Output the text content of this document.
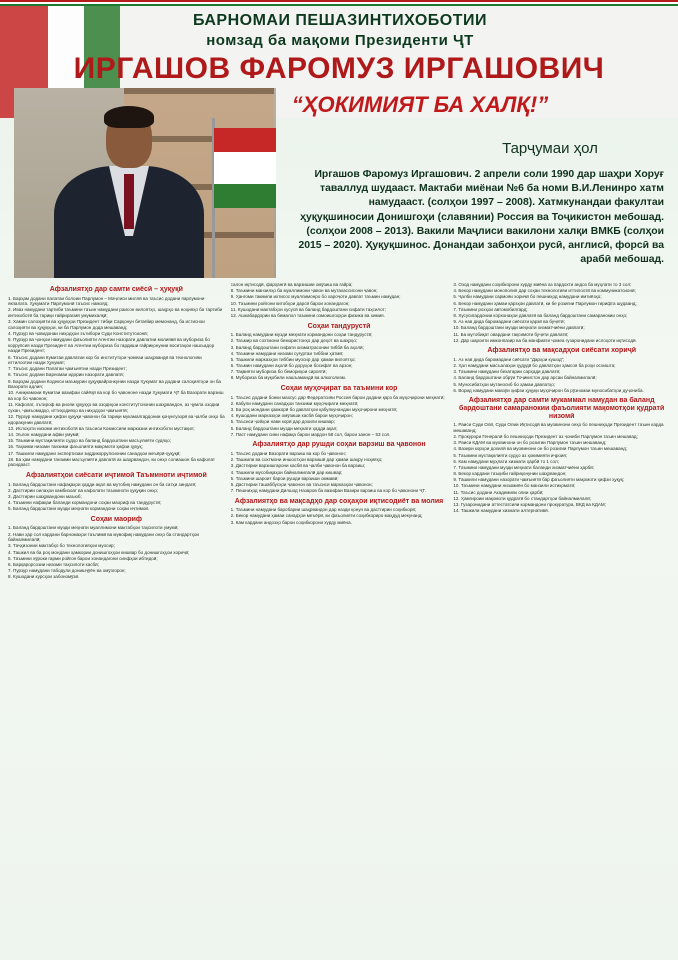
БАРНОМАИ ПЕШАЗИНТИХОБОТИИ
номзад ба мақоми Президенти ҶТ
ИРГАШОВ ФАРОМУЗ ИРГАШОВИЧ
“ҲОКИМИЯТ БА ХАЛҚ!”
Тарҷумаи ҳол
Иргашов Фаромуз Иргашович. 2 апрели соли 1990 дар шаҳри Хоруғ таваллуд шудааст. Мактаби миёнаи №6 ба номи В.И.Ленинро хатм намудааст. (солҳои 1997 – 2008). Хатмкунандаи факултаи ҳуқуқшиносии Донишгоҳи (славянии) Россия ва Тоҷикистон мебошад. (солҳои 2008 – 2013). Вакили Маҷлиси вакилони халқи ВМКБ (солҳои 2015 – 2020). Ҳуқуқшинос. Донандаи забонҳои русӣ, англисӣ, форсӣ ва арабӣ мебошад.
Афзалиятҳо дар самти сиёсӣ – ҳуқуқӣ

1. Барҳам додани палатаи болоии Парлумон – Маҷлиси миллӣ ва таъсис додани парлумони якпалата. Ҳукумати Парлумонӣ таъсис намояд;

2. Иваз намудани тартиби таъмини таъин намудани раисон вилоятҳо, шаҳрҳо ва ноҳияҳо ба тартиби интихоботӣ ба тариқи ғайрирасмӣ умумихалқӣ;

3. Хамин салоҳияти ва ҳуқуқҳои Президент тибқи Сарқонун бетағйир мемонанд, ба истиснои салоҳияти ва ҳуқуқҳои, ки ба Парлумон дода мешаванд;

4. Пурзур ва ҷовидонаи ниҳодҳои эътибори Суди Конститутсионӣ;

5. Пурзур ва ҷонҳои намудани фаъолияти Агентии назорати давлатии молиявӣ ва мубориза бо коррупсия назди Президент ва Агентии мубориза бо гардиши ғайриқонунии воситаҳои нашъадор назди Президент;

6. Таъсис додани Кумитаи давлатии кор бо институтҳои ҷомеаи шаҳрвандӣ ва технологияи иттилоотии назди Ҳукумат;

7. Таъсис додани Палатаи ҷамъиятии назди Президент;

8. Таъсис додани Барномаи идории назорати давлатӣ;

9. Барҳам додани Кодекси маъмурии ҳуқуқвайронкунии назди Ҳукумат ва додани салоҳиятҳои он ба Вазорати адлия;

10. Аниқнамоии Кумитаи вазифаи сайёҳӣ ва кор бо ҷавононе назди Ҳукумати ҶТ ба Вазорати варзиш ва кор бо ҷавонон;

11. Кафолат, эътироф ва риояи ҳуқуқҳо ва озодиҳои конститутсионии шаҳрвандон, аз ҷумла озодии сухан, ҷамъомадҳо, иттиҳодияҳо ва ниҳодҳои ҷамъиятӣ;

12. Пурзур намудани ҳифзи ҳуқуқи ҷавонон ба тариқи мукамалгардонии қонунгузорӣ ва ҷалби онҳо ба идоракунии давлатӣ;

13. Ислоҳоти низоми интихоботӣ ва таъсиси Комиссияи марказии интихоботи мустақил;

14. Эълон намудани афви умумӣ;

15. Таъмини мустақилияти судҳо ва баланд бардоштани масъулияти судяҳо;

16. Таҳкими низоми танзими фаъолияти мақомоти ҳифзи ҳуқуқ;

17. Ташкили намудани экспертизаи зиддикоррупсионии санадҳои меъёрӣ-ҳуқуқӣ;

18. Ба ҳам намудани танзими масъулияти давлатӣ аз шаҳрвандон, ки онҳо солиашон ба кафолат расидааст.

Афзалиятҳои сиёсати иҷтимоӣ Таъминоти иҷтимоӣ

1. Баланд бардоштани нафақаҳои ҳадди ақал ва мутобиқ намудани он ба сатҳи зиндагӣ;

2. Дастгирии оилаҳои камбизоат ва кафолати таъминоти ҳуқуқии онҳо;

3. Дастгирии шаҳрвандони маъюб;

4. Таъмини нафақаи баланди кормандони соҳаи маориф ва тандурустӣ;

5. Баланд бардоштани музди меҳнати кормандони соҳаи иҷтимоӣ.

Соҳаи маориф

1. Баланд бардоштани музди меҳнати муаллимони мактабҳои таҳсилоти умумӣ;

2. Нави ҳар сол кардани барномаҳои таълимӣ ва мувофиқ намудани онҳо ба стандартҳои байналмилалӣ;

3. Таҷҳизонии мактабҳо бо технологияҳои муосир;

4. Ташкил ва ба роҳ мондани ҳамкории донишгоҳҳои кишвар бо донишгоҳҳои хориҷӣ;

5. Таъмини хӯроки гарми ройгон барои хонандагони синфҳои ибтидоӣ;

6. Барқарорсозии низоми таҳсилоти касбӣ;

7. Пурзур намудани табодули донишҷӯён ва омӯзгорон;

8. Кушодани курсҳои забономӯзӣ.

салон иқтисодӣ, фарҳангӣ ва варзишии омӯзиш ва ғайра;

8. Таъмини манзилҳо ба муаллимони ҷавон ва мутахассисони ҷавон;

9. Ҳангоми такмили ихтисос муаллимонро бо хароҷоти давлат таъмин намудан;

10. Таъмини ройгони китобҳои дарсӣ барои хонандагон;

11. Кушодани мактабҳои хусусӣ ва баланд бардоштани сифати таҳсилот;

12. Ашкабардории ва бемалол таъмини озмоишгоҳҳои физика ва химия.

Соҳаи тандурустӣ

1. Баланд намудани музди меҳнати кормандони соҳаи тандурустӣ;

2. Таъмир ва сохтмони бемористонҳо дар деҳот ва шаҳрҳо;

3. Баланд бардоштани сифати хизматрасонии тиббӣ ба аҳолӣ;

4. Таъмини намудани низоми суғуртаи тиббии ҳатмӣ;

5. Ташкили марказҳои тиббии муосир дар ҳамаи вилоятҳо;

6. Таъмин намудани аҳолӣ бо доруҳои босифат ва арзон;

7. Тақвияти мубориза бо бемориҳои сироятӣ;

8. Мубориза ба муқобили нашъамандӣ ва алкоголизм.

Соҳаи муҳоҷират ва таъмини кор

1. Таъсис додани бонки махсус дар Федератсияи Россия барои додани қарз ба муҳоҷирони меҳнатӣ;

2. Кабули намудани санадҳои танзими муҳоҷирати меҳнатӣ;

3. Ба роҳ мондани ҳамкорӣ бо давлатҳои қабулкунандаи муҳоҷирони меҳнатӣ;

4. Кушодани марказҳои омӯзиши касбӣ барои муҳоҷирон;

5. Таъсиси ҷойҳои нави корӣ дар дохили кишвар;

6. Баланд бардоштани музди меҳнати ҳадди ақал;

7. Паст намудани сини нафақа барои мардон 58 сол, барои занон – 53 сол.

Афзалиятҳо дар рушди соҳаи варзиш ва ҷавонон

1. Таъсис додани Вазорати варзиш ва кор бо ҷавонон;

2. Ташкили ва сохтмони иншоотҳои варзишӣ дар ҳамаи шаҳру ноҳияҳо;

3. Дастгирии варзишгарони касбӣ ва ҷалби ҷавонон ба варзиш;

4. Ташкили мусобиқаҳои байналмилалӣ дар кишвар;

5. Таъмини шароит барои рушди варзиши оммавӣ;

6. Дастгирии ташаббусҳои ҷавонон ва таъсиси марказҳои ҷавонон;

7. Пешниҳод намудани Дилшод Назаров ба вазифаи Вазири варзиш ва кор бо ҷавонони ҶТ.

Афзалиятҳо ва мақсадҳо дар соҳаҳои иқтисодиёт ва молия

1. Таъмини намудани баробарии шаҳрвандон дар назди қонун ва дастгирии соҳибкорӣ;

2. Бекор намудани ҳамаи санадҳои меъёрӣ, ки фаъолияти соҳибкориро маҳдуд мекунанд;

3. Кам кардани андозҳо барои соҳибкорони хурду миёна.

3. Озод намудани соҳибкорони хурду миёна аз пардохти андоз ба муҳлати то 3 сол;

4. Бекор намудани монополия дар соҳаи технологияи иттилоотӣ ва коммуникатсионӣ;

5. Ҷалби намудани сармояи хориҷӣ бо пешниҳод намудани имтиёзҳо;

6. Бекор намудани ҳамаи қарзҳои давлатӣ, ки бе розигии Парлумон гирифта шудаанд;

7. Таъмини рохҳои автомобилгард;

8. Хусусигардонии корхонаҳои давлатӣ ва баланд бардоштани самаранокии онҳо;

9. Аз нав дида баромадани сиёсати қарзӣ ва буҷетӣ;

10. Баланд бардоштани музди меҳнати хизматчиёни давлатӣ;

11. Ба мутобиқат овардани тақсимоти буҷети давлатӣ;

12. Дар шароити имконпазир ва ба манфиати ҷомеа гузаронидани ислоҳоти иқтисодӣ.

Афзалиятҳо ва мақсадҳои сиёсати хориҷӣ

1. Аз нав дида баромадани сиёсати “Дарҳои кушод”;

2. Ҳал намудани масъалаҳои ҳудудӣ бо давлатҳои ҳамсоя ба роҳи осоишта;

3. Таъмини намудани бехатарии сарҳади давлатӣ;

4. Баланд бардоштани обрӯи Тоҷикистон дар арсаи байналмилалӣ;

5. Муносибатҳои мутаносиб бо ҳамаи давлатҳо;

6. Ворид намудани мавзӯи ҳифзи ҳуқуқи муҳоҷирон ба рӯзномаи муносибатҳои дуҷониба.

Афзалиятҳо дар самти мукаммал намудан ва баланд бардоштани самаранокии фаъолияти мақомотҳои қудратӣ низомӣ

1. Раиси Суди Олӣ, Суди Олии Иқтисодӣ ва муовинони онҳо бо пешниҳоди Президент таъин карда мешаванд;

2. Прокурори Генералӣ бо пешниҳоди Президент аз ҷониби Парлумон таъин мешавад;

3. Раиси КДАМ ва муовинони он бо розигии Парлумон таъин мешаванд;

4. Вазири корҳои дохилӣ ва муовинони он бо розигии Парлумон таъин мешаванд;

5. Таъмини мустақилияти судҳо аз ҳокимияти иҷроия;

6. Кам намудани муҳлати хизмати ҳарбӣ то 1 сол;

7. Таъмини намудани музди меҳнати баланди хизматчиёни ҳарбӣ;

8. Бекор кардани таъқиби ғайриқонунии шаҳрвандон;

9. Ташкили намудани назорати ҷамъиятӣ бар фаъолияти мақомоти ҳифзи ҳуқуқ;

10. Таъмини намудани низомиён бо манзили истиқоматӣ;

11. Таъсис додани Академияи олии ҳарбӣ;

12. Ҳамгироии мақомоти қудратӣ бо стандартҳои байналмилалӣ;

13. Гузаронидани аттестатсияи кормандони прокуратура, ВКД ва КДАМ;

14. Ташкили намудани хизмати алтернативӣ.
